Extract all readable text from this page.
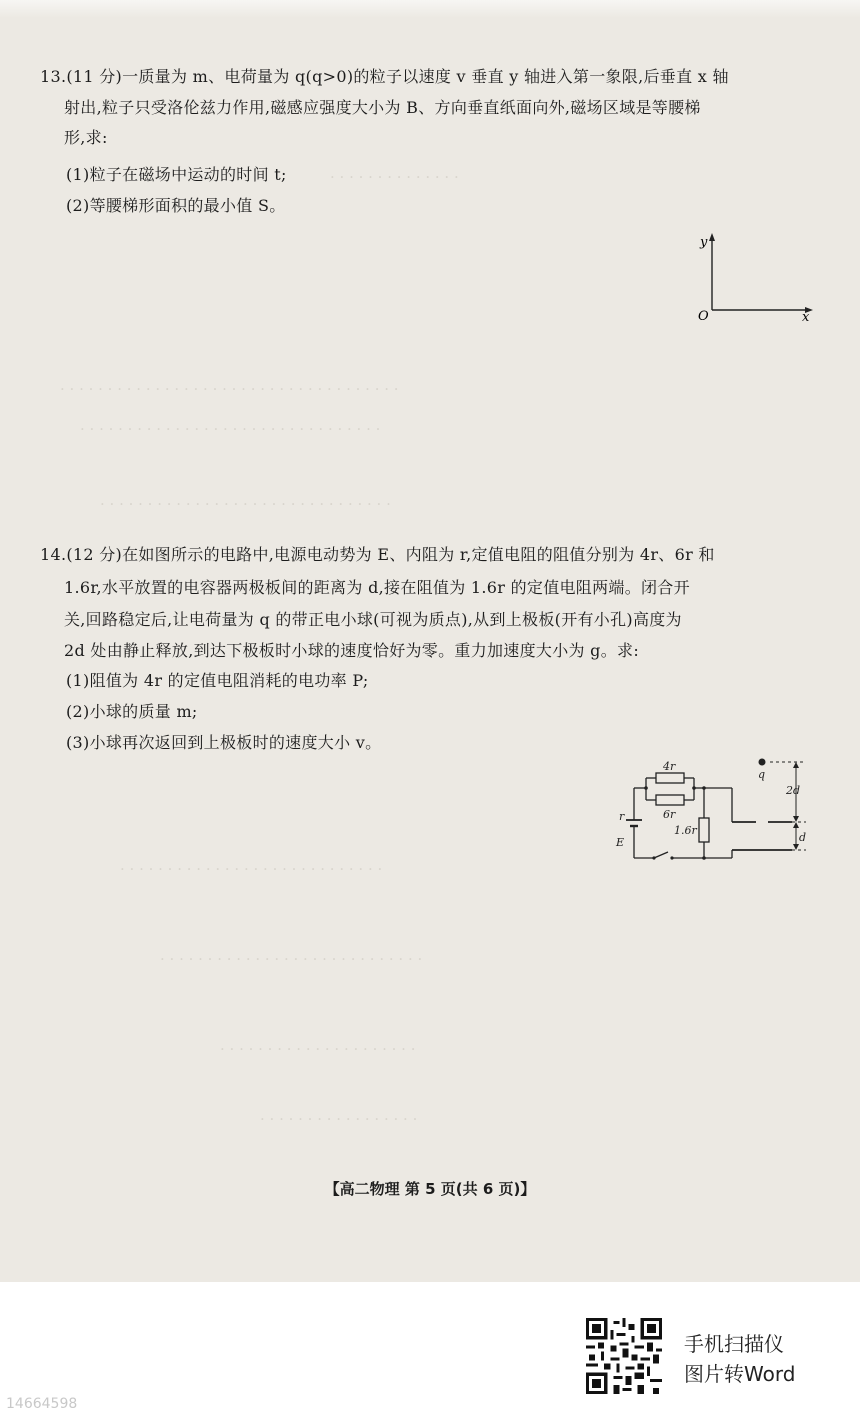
· · · · · · · · · · · · · ·
· · · · · · · · · · · · · · · · · · · · · · · · · · · · · · · · · · · ·
· · · · · · · · · · · · · · · · · · · · · · · · · · · · · · · ·
· · · · · · · · · · · · · · · · · · · · · · · · · · · · · · ·
· · · · · · · · · · · · · · · · · · · · · · · · · · · ·
· · · · · · · · · · · · · · · · · · · · · · · · · · · ·
· · · · · · · · · · · · · · · · · · · · ·
· · · · · · · · · · · · · · · · ·
13.(11 分)一质量为 m、电荷量为 q(q>0)的粒子以速度 v 垂直 y 轴进入第一象限,后垂直 x 轴
射出,粒子只受洛伦兹力作用,磁感应强度大小为 B、方向垂直纸面向外,磁场区域是等腰梯
形,求:
(1)粒子在磁场中运动的时间 t;
(2)等腰梯形面积的最小值 S。
y
x
O
14.(12 分)在如图所示的电路中,电源电动势为 E、内阻为 r,定值电阻的阻值分别为 4r、6r 和
1.6r,水平放置的电容器两极板间的距离为 d,接在阻值为 1.6r 的定值电阻两端。闭合开
关,回路稳定后,让电荷量为 q 的带正电小球(可视为质点),从到上极板(开有小孔)高度为
2d 处由静止释放,到达下极板时小球的速度恰好为零。重力加速度大小为 g。求:
(1)阻值为 4r 的定值电阻消耗的电功率 P;
(2)小球的质量 m;
(3)小球再次返回到上极板时的速度大小 v。
4r
6r
1.6r
r
E
q
2d
d
【高二物理 第 5 页(共 6 页)】
手机扫描仪
图片转Word
14664598
